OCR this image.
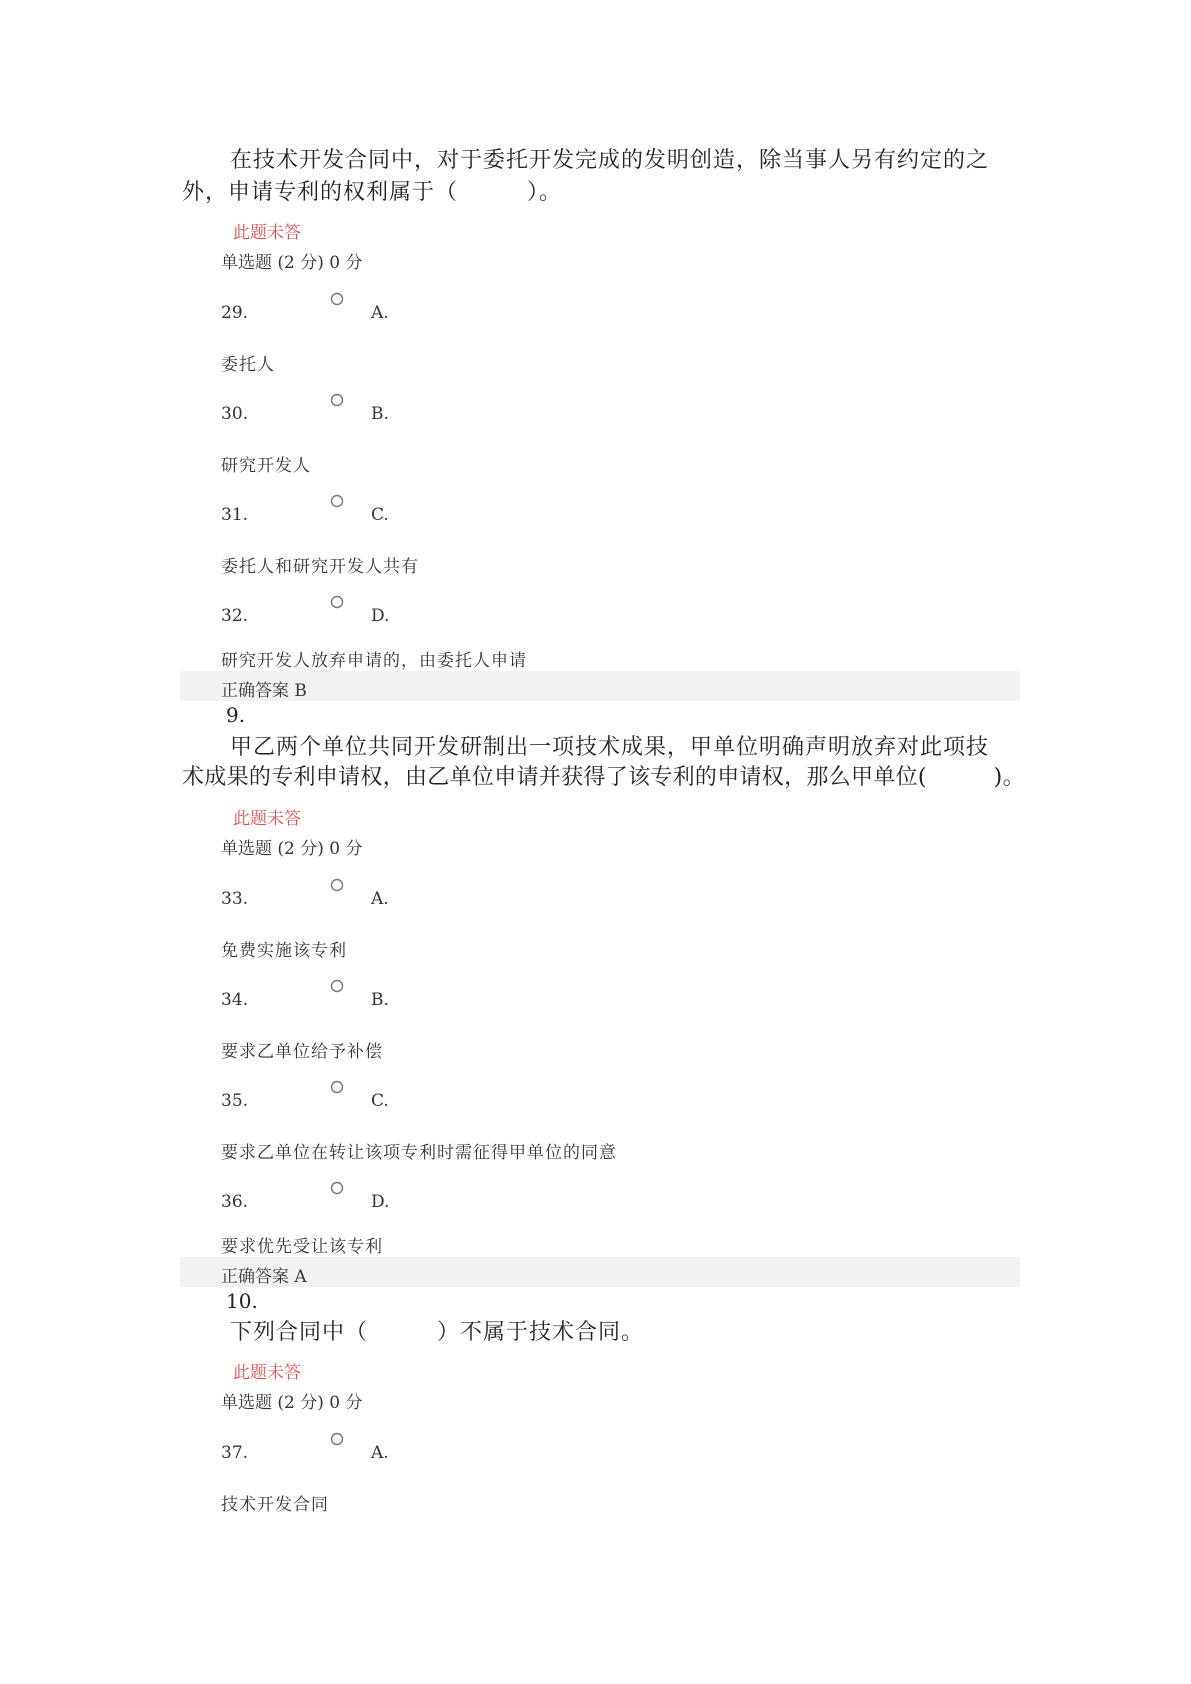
在技术开发合同中，对于委托开发完成的发明创造，除当事人另有约定的之
外，申请专利的权利属于（　　　）。
此题未答
单选题 (2 分) 0 分
29.	A.
委托人
30.	B.
研究开发人
31.	C.
委托人和研究开发人共有
32.	D.
研究开发人放弃申请的，由委托人申请
正确答案 B
9.
甲乙两个单位共同开发研制出一项技术成果，甲单位明确声明放弃对此项技
术成果的专利申请权，由乙单位申请并获得了该专利的申请权，那么甲单位(　　　)。
此题未答
单选题 (2 分) 0 分
33.	A.
免费实施该专利
34.	B.
要求乙单位给予补偿
35.	C.
要求乙单位在转让该项专利时需征得甲单位的同意
36.	D.
要求优先受让该专利
正确答案 A
10.
下列合同中（　　　）不属于技术合同。
此题未答
单选题 (2 分) 0 分
37.	A.
技术开发合同
